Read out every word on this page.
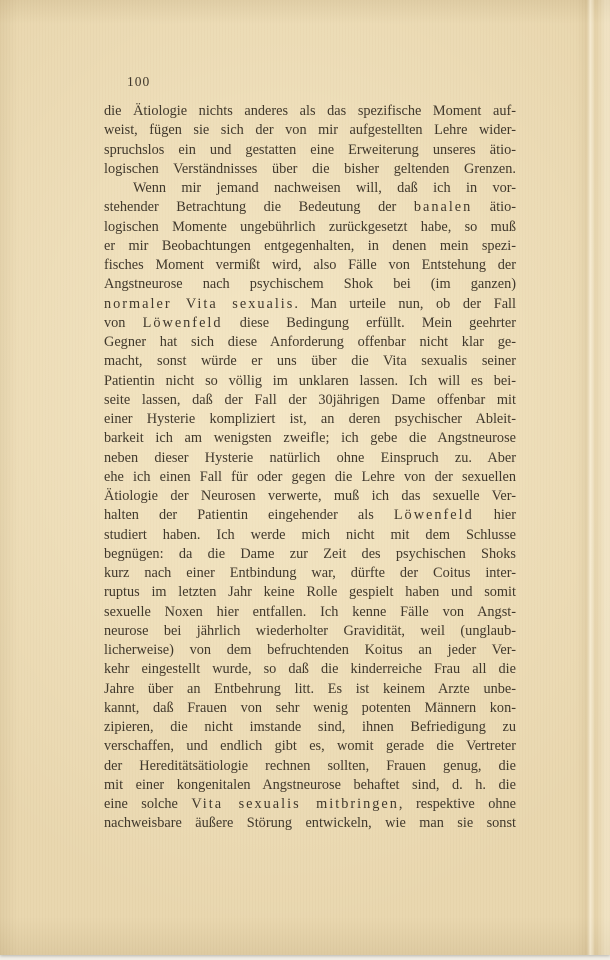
100
die Ätiologie nichts anderes als das spezifische Moment auf-
weist, fügen sie sich der von mir aufgestellten Lehre wider-
spruchslos ein und gestatten eine Erweiterung unseres ätio-
logischen Verständnisses über die bisher geltenden Grenzen.
Wenn mir jemand nachweisen will, daß ich in vor-
stehender Betrachtung die Bedeutung der banalen ätio-
logischen Momente ungebührlich zurückgesetzt habe, so muß
er mir Beobachtungen entgegenhalten, in denen mein spezi-
fisches Moment vermißt wird, also Fälle von Entstehung der
Angstneurose nach psychischem Shok bei (im ganzen)
normaler Vita sexualis. Man urteile nun, ob der Fall
von Löwenfeld diese Bedingung erfüllt. Mein geehrter
Gegner hat sich diese Anforderung offenbar nicht klar ge-
macht, sonst würde er uns über die Vita sexualis seiner
Patientin nicht so völlig im unklaren lassen. Ich will es bei-
seite lassen, daß der Fall der 30jährigen Dame offenbar mit
einer Hysterie kompliziert ist, an deren psychischer Ableit-
barkeit ich am wenigsten zweifle; ich gebe die Angstneurose
neben dieser Hysterie natürlich ohne Einspruch zu. Aber
ehe ich einen Fall für oder gegen die Lehre von der sexuellen
Ätiologie der Neurosen verwerte, muß ich das sexuelle Ver-
halten der Patientin eingehender als Löwenfeld hier
studiert haben. Ich werde mich nicht mit dem Schlusse
begnügen: da die Dame zur Zeit des psychischen Shoks
kurz nach einer Entbindung war, dürfte der Coitus inter-
ruptus im letzten Jahr keine Rolle gespielt haben und somit
sexuelle Noxen hier entfallen. Ich kenne Fälle von Angst-
neurose bei jährlich wiederholter Gravidität, weil (unglaub-
licherweise) von dem befruchtenden Koitus an jeder Ver-
kehr eingestellt wurde, so daß die kinderreiche Frau all die
Jahre über an Entbehrung litt. Es ist keinem Arzte unbe-
kannt, daß Frauen von sehr wenig potenten Männern kon-
zipieren, die nicht imstande sind, ihnen Befriedigung zu
verschaffen, und endlich gibt es, womit gerade die Vertreter
der Hereditätsätiologie rechnen sollten, Frauen genug, die
mit einer kongenitalen Angstneurose behaftet sind, d. h. die
eine solche Vita sexualis mitbringen, respektive ohne
nachweisbare äußere Störung entwickeln, wie man sie sonst
